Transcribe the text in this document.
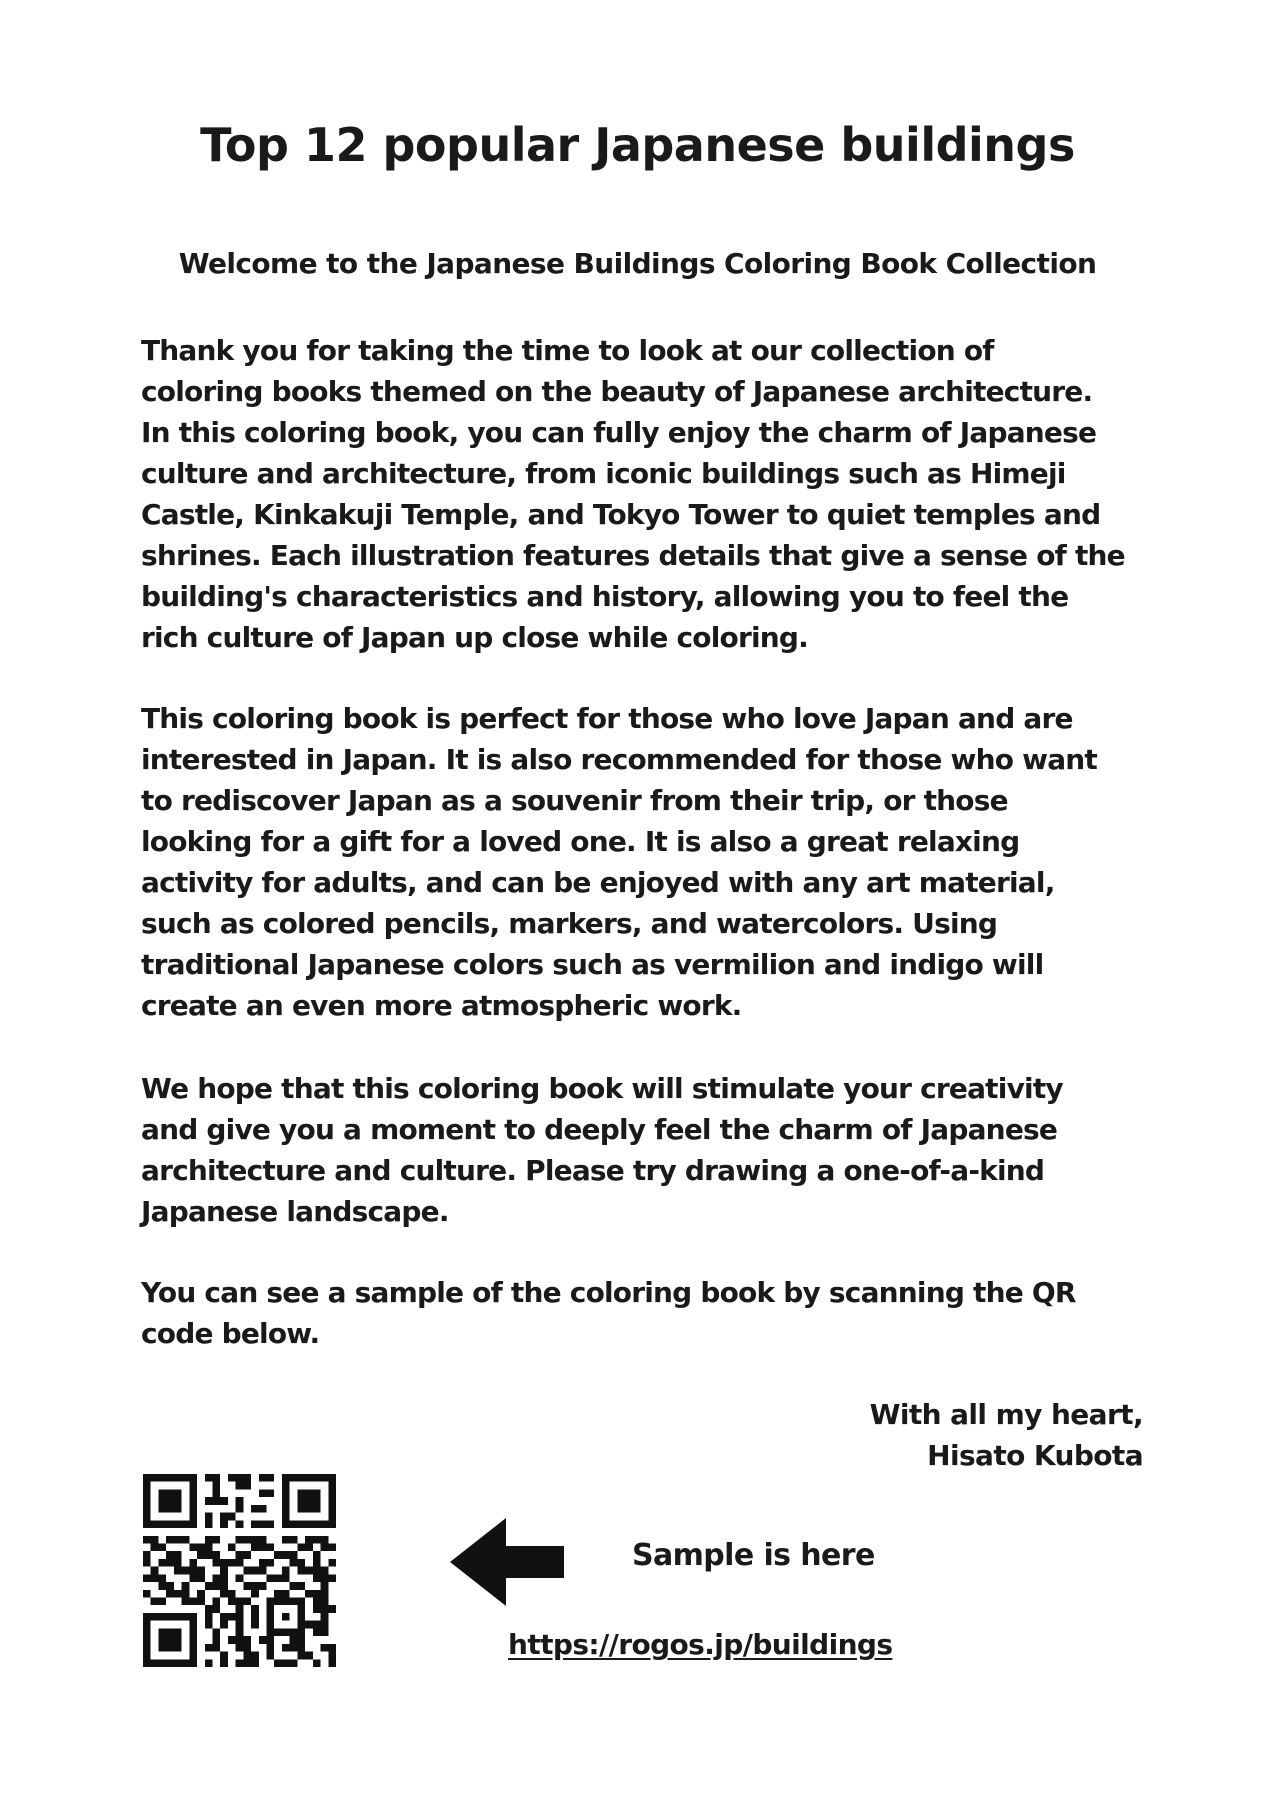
Top 12 popular Japanese buildings
Welcome to the Japanese Buildings Coloring Book Collection

Thank you for taking the time to look at our collection of
coloring books themed on the beauty of Japanese architecture.
In this coloring book, you can fully enjoy the charm of Japanese
culture and architecture, from iconic buildings such as Himeji
Castle, Kinkakuji Temple, and Tokyo Tower to quiet temples and
shrines. Each illustration features details that give a sense of the
building's characteristics and history, allowing you to feel the
rich culture of Japan up close while coloring.

This coloring book is perfect for those who love Japan and are
interested in Japan. It is also recommended for those who want
to rediscover Japan as a souvenir from their trip, or those
looking for a gift for a loved one. It is also a great relaxing
activity for adults, and can be enjoyed with any art material,
such as colored pencils, markers, and watercolors. Using
traditional Japanese colors such as vermilion and indigo will
create an even more atmospheric work.

We hope that this coloring book will stimulate your creativity
and give you a moment to deeply feel the charm of Japanese
architecture and culture. Please try drawing a one-of-a-kind
Japanese landscape.

You can see a sample of the coloring book by scanning the QR
code below.

With all my heart,
Hisato Kubota
Sample is here
https://rogos.jp/buildings
